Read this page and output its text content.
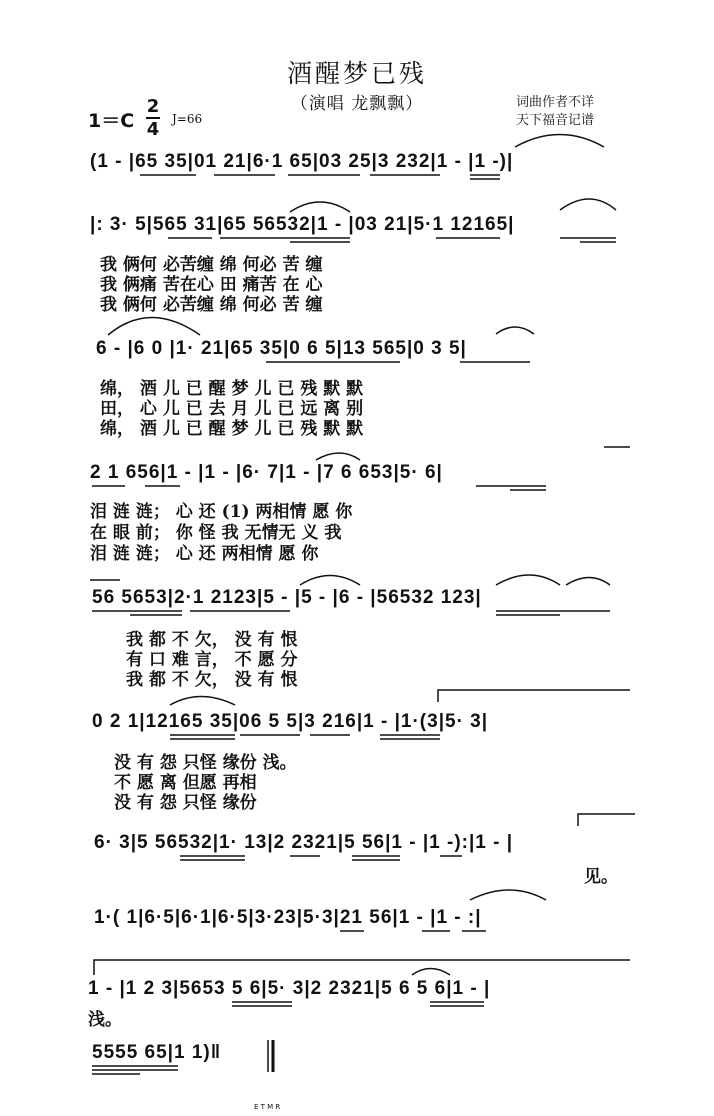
酒醒梦已残
（演唱 龙飘飘）
1＝C
2
4 J=66
词曲作者不详
天下福音记谱
(1 - |65 35|01 21|6·1 65|03 25|3 232|1 - |1 -)|
|: 3· 5|565 31|65 56532|1 - |03 21|5·1 12165|
我 俩何 必苦缠 绵 何必 苦 缠
我 俩痛 苦在心 田 痛苦 在 心
我 俩何 必苦缠 绵 何必 苦 缠
6 - |6 0 |1· 21|65 35|0 6 5|13 565|0 3 5|
绵， 酒 儿 已 醒 梦 儿 已 残 默 默
田， 心 儿 已 去 月 儿 已 远 离 别
绵， 酒 儿 已 醒 梦 儿 已 残 默 默
2 1 656|1 - |1 - |6· 7|1 - |7 6 653|5· 6|
泪 涟 涟； 心 还 (1) 两相情 愿 你
在 眼 前； 你 怪 我 无情无 义 我
泪 涟 涟； 心 还 两相情 愿 你
56 5653|2·1 2123|5 - |5 - |6 - |56532 123|
我 都 不 欠， 没 有 恨
有 口 难 言， 不 愿 分
我 都 不 欠， 没 有 恨
0 2 1|12165 35|06 5 5|3 216|1 - |1·(3|5· 3|
没 有 怨 只怪 缘份 浅。
不 愿 离 但愿 再相
没 有 怨 只怪 缘份
6· 3|5 56532|1· 13|2 2321|5 56|1 - |1 -):|1 - |
见。
1·( 1|6·5|6·1|6·5|3·23|5·3|21 56|1 - |1 - :|
1 - |1 2 3|5653 5 6|5· 3|2 2321|5 6 5 6|1 - |
浅。
5555 65|1 1)‖
E T M R
